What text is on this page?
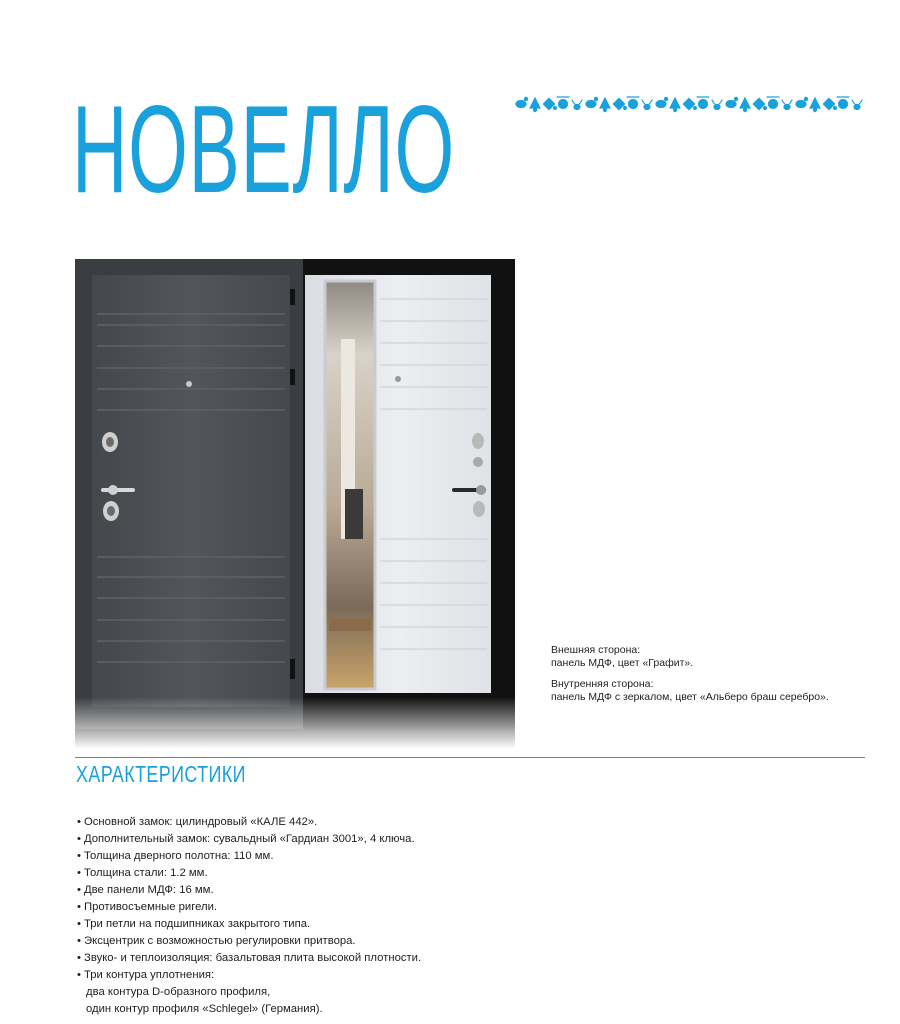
НОВЕЛЛО
Внешняя сторона:
панель МДФ, цвет «Графит».
Внутренняя сторона:
панель МДФ с зеркалом, цвет «Альберо браш серебро».
ХАРАКТЕРИСТИКИ
• Основной замок: цилиндровый «КАЛЕ 442».
• Дополнительный замок: сувальдный «Гардиан 3001», 4 ключа.
• Толщина дверного полотна: 110 мм.
• Толщина стали: 1.2 мм.
• Две панели МДФ: 16 мм.
• Противосъемные ригели.
• Три петли на подшипниках закрытого типа.
• Эксцентрик с возможностью регулировки притвора.
• Звуко- и теплоизоляция: базальтовая плита высокой плотности.
• Три контура уплотнения:
два контура D-образного профиля,
один контур профиля «Schlegel» (Германия).
